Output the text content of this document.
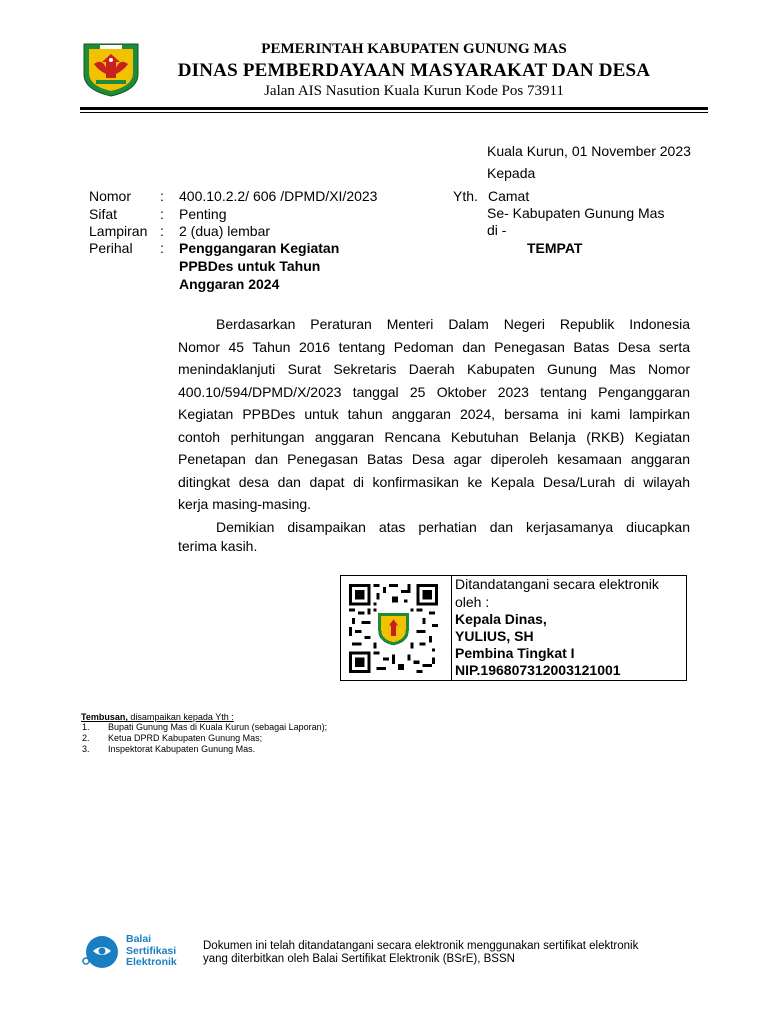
PEMERINTAH KABUPATEN GUNUNG MAS
DINAS PEMBERDAYAAN MASYARAKAT DAN DESA
Jalan AIS Nasution Kuala Kurun Kode Pos 73911
Kuala Kurun, 01 November 2023
Kepada
Yth. Camat
Se- Kabupaten Gunung Mas
di -
TEMPAT
Nomor : 400.10.2.2/ 606 /DPMD/XI/2023
Sifat	: Penting
Lampiran : 2 (dua) lembar
Perihal : Penggangaran Kegiatan
PPBDes untuk Tahun
Anggaran 2024
Berdasarkan Peraturan Menteri Dalam Negeri Republik Indonesia
Nomor 45 Tahun 2016 tentang Pedoman dan Penegasan Batas Desa serta
menindaklanjuti Surat Sekretaris Daerah Kabupaten Gunung Mas Nomor
400.10/594/DPMD/X/2023 tanggal 25 Oktober 2023 tentang Penganggaran
Kegiatan PPBDes untuk tahun anggaran 2024, bersama ini kami lampirkan
contoh perhitungan anggaran Rencana Kebutuhan Belanja (RKB) Kegiatan
Penetapan dan Penegasan Batas Desa agar diperoleh kesamaan anggaran
ditingkat desa dan dapat di konfirmasikan ke Kepala Desa/Lurah di wilayah
kerja masing-masing.
Demikian disampaikan atas perhatian dan kerjasamanya diucapkan
terima kasih.
Ditandatangani secara elektronik
oleh :
Kepala Dinas,
YULIUS, SH
Pembina Tingkat I
NIP.196807312003121001
Tembusan, disampaikan kepada Yth :
1. Bupati Gunung Mas di Kuala Kurun (sebagai Laporan);
2. Ketua DPRD Kabupaten Gunung Mas;
3. Inspektorat Kabupaten Gunung Mas.
Balai
Sertifikasi
Elektronik
Dokumen ini telah ditandatangani secara elektronik menggunakan sertifikat elektronik
yang diterbitkan oleh Balai Sertifikat Elektronik (BSrE), BSSN
